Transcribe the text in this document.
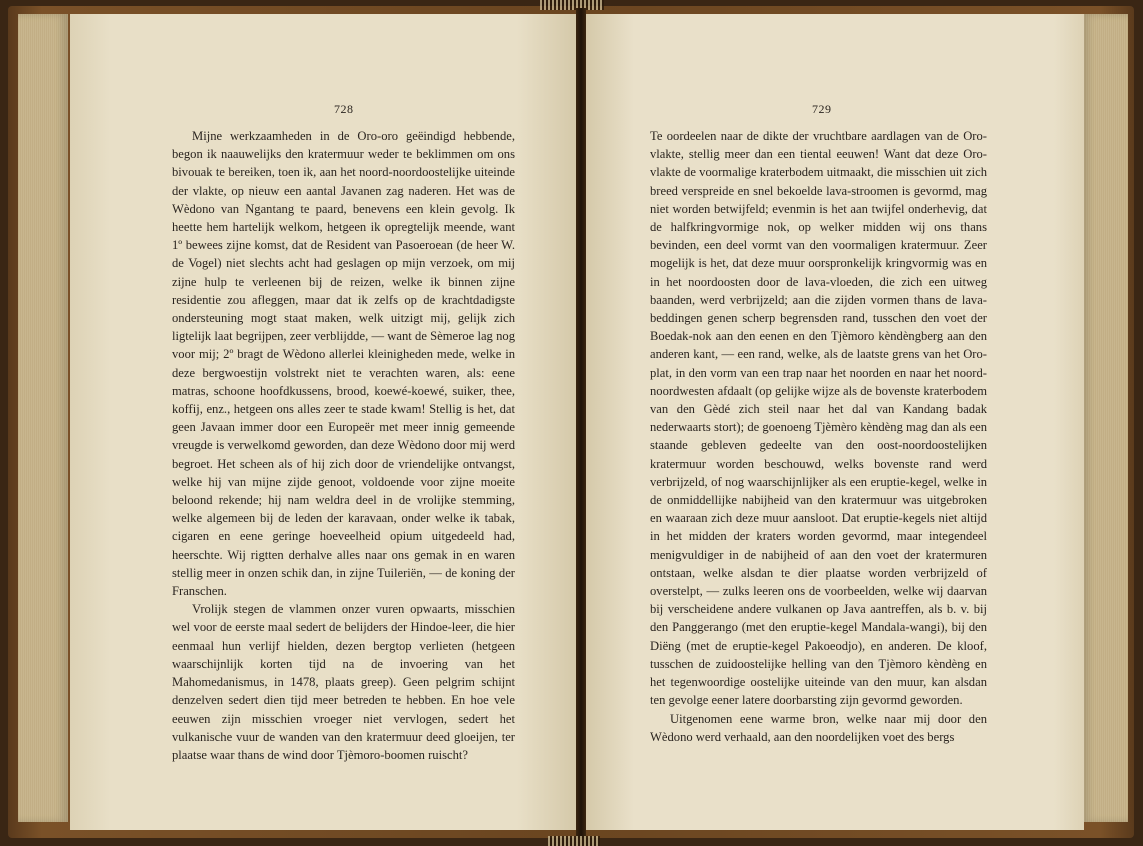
728	729

Mijne werkzaamheden in de Oro-oro geëindigd hebbende, begon ik naauwelijks den kratermuur weder te beklimmen om ons bivouak te bereiken, toen ik, aan het noord-noordoostelijke uiteinde der vlakte, op nieuw een aantal Javanen zag naderen. Het was de Wèdono van Ngantang te paard, benevens een klein gevolg. Ik heette hem hartelijk welkom, hetgeen ik opregtelijk meende, want 1º bewees zijne komst, dat de Resident van Pasoeroean (de heer W. de Vogel) niet slechts acht had geslagen op mijn verzoek, om mij zijne hulp te verleenen bij de reizen, welke ik binnen zijne residentie zou afleggen, maar dat ik zelfs op de krachtdadigste ondersteuning mogt staat maken, welk uitzigt mij, gelijk zich ligtelijk laat begrijpen, zeer verblijdde, — want de Sèmeroe lag nog voor mij; 2º bragt de Wèdono allerlei kleinigheden mede, welke in deze bergwoestijn volstrekt niet te verachten waren, als: eene matras, schoone hoofdkussens, brood, koewé-koewé, suiker, thee, koffij, enz., hetgeen ons alles zeer te stade kwam! Stellig is het, dat geen Javaan immer door een Europeër met meer innig gemeende vreugde is verwelkomd geworden, dan deze Wèdono door mij werd begroet. Het scheen als of hij zich door de vriendelijke ontvangst, welke hij van mijne zijde genoot, voldoende voor zijne moeite beloond rekende; hij nam weldra deel in de vrolijke stemming, welke algemeen bij de leden der karavaan, onder welke ik tabak, cigaren en eene geringe hoeveelheid opium uitgedeeld had, heerschte. Wij rigtten derhalve alles naar ons gemak in en waren stellig meer in onzen schik dan, in zijne Tuileriën, — de koning der Franschen.

Vrolijk stegen de vlammen onzer vuren opwaarts, misschien wel voor de eerste maal sedert de belijders der Hindoe-leer, die hier eenmaal hun verlijf hielden, dezen bergtop verlieten (hetgeen waarschijnlijk korten tijd na de invoering van het Mahomedanismus, in 1478, plaats greep). Geen pelgrim schijnt denzelven sedert dien tijd meer betreden te hebben. En hoe vele eeuwen zijn misschien vroeger niet vervlogen, sedert het vulkanische vuur de wanden van den kratermuur deed gloeijen, ter plaatse waar thans de wind door Tjèmoro-boomen ruischt?

Te oordeelen naar de dikte der vruchtbare aardlagen van de Oro-vlakte, stellig meer dan een tiental eeuwen! Want dat deze Oro-vlakte de voormalige kraterbodem uitmaakt, die misschien uit zich breed verspreide en snel bekoelde lava-stroomen is gevormd, mag niet worden betwijfeld; evenmin is het aan twijfel onderhevig, dat de halfkringvormige nok, op welker midden wij ons thans bevinden, een deel vormt van den voormaligen kratermuur. Zeer mogelijk is het, dat deze muur oorspronkelijk kringvormig was en in het noordoosten door de lava-vloeden, die zich een uitweg baanden, werd verbrijzeld; aan die zijden vormen thans de lava-beddingen genen scherp begrensden rand, tusschen den voet der Boedak-nok aan den eenen en den Tjèmoro kèndèngberg aan den anderen kant, — een rand, welke, als de laatste grens van het Oro-plat, in den vorm van een trap naar het noorden en naar het noord-noordwesten afdaalt (op gelijke wijze als de bovenste kraterbodem van den Gèdé zich steil naar het dal van Kandang badak nederwaarts stort); de goenoeng Tjèmèro kèndèng mag dan als een staande gebleven gedeelte van den oost-noordoostelijken kratermuur worden beschouwd, welks bovenste rand werd verbrijzeld, of nog waarschijnlijker als een eruptie-kegel, welke in de onmiddellijke nabijheid van den kratermuur was uitgebroken en waaraan zich deze muur aansloot. Dat eruptie-kegels niet altijd in het midden der kraters worden gevormd, maar integendeel menigvuldiger in de nabijheid of aan den voet der kratermuren ontstaan, welke alsdan te dier plaatse worden verbrijzeld of overstelpt, — zulks leeren ons de voorbeelden, welke wij daarvan bij verscheidene andere vulkanen op Java aantreffen, als b. v. bij den Panggerango (met den eruptie-kegel Mandala-wangi), bij den Diëng (met de eruptie-kegel Pakoeodjo), en anderen. De kloof, tusschen de zuidoostelijke helling van den Tjèmoro kèndèng en het tegenwoordige oostelijke uiteinde van den muur, kan alsdan ten gevolge eener latere doorbarsting zijn gevormd geworden.

Uitgenomen eene warme bron, welke naar mij door den Wèdono werd verhaald, aan den noordelijken voet des bergs
